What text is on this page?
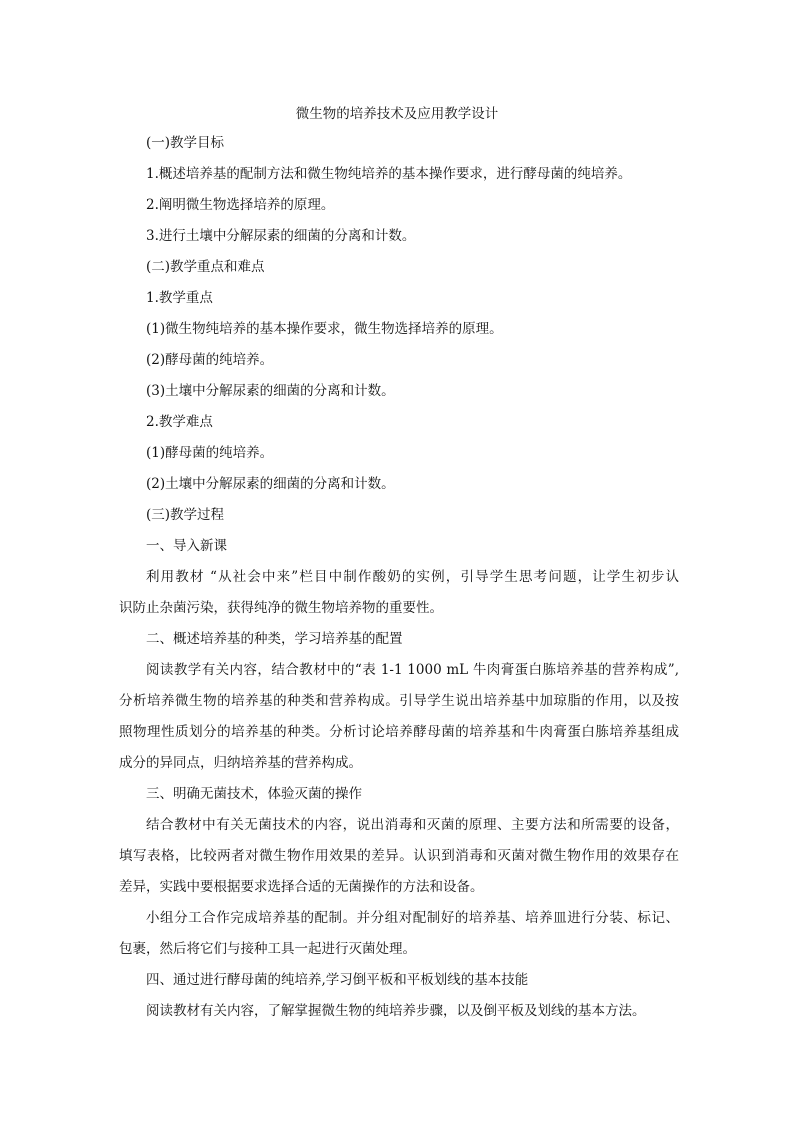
微生物的培养技术及应用教学设计
(一)教学目标
1.概述培养基的配制方法和微生物纯培养的基本操作要求，进行酵母菌的纯培养。
2.阐明微生物选择培养的原理。
3.进行土壤中分解尿素的细菌的分离和计数。
(二)教学重点和难点
1.教学重点
(1)微生物纯培养的基本操作要求，微生物选择培养的原理。
(2)酵母菌的纯培养。
(3)土壤中分解尿素的细菌的分离和计数。
2.教学难点
(1)酵母菌的纯培养。
(2)土壤中分解尿素的细菌的分离和计数。
(三)教学过程
一、导入新课
利用教材 “从社会中来”栏目中制作酸奶的实例，引导学生思考问题，让学生初步认
识防止杂菌污染，获得纯净的微生物培养物的重要性。
二、概述培养基的种类，学习培养基的配置
阅读教学有关内容，结合教材中的“表 1-1 1000 mL 牛肉膏蛋白胨培养基的营养构成”,
分析培养微生物的培养基的种类和营养构成。引导学生说出培养基中加琼脂的作用，以及按
照物理性质划分的培养基的种类。分析讨论培养酵母菌的培养基和牛肉膏蛋白胨培养基组成
成分的异同点，归纳培养基的营养构成。
三、明确无菌技术，体验灭菌的操作
结合教材中有关无菌技术的内容，说出消毒和灭菌的原理、主要方法和所需要的设备，
填写表格，比较两者对微生物作用效果的差异。认识到消毒和灭菌对微生物作用的效果存在
差异，实践中要根据要求选择合适的无菌操作的方法和设备。
小组分工合作完成培养基的配制。并分组对配制好的培养基、培养皿进行分装、标记、
包裹，然后将它们与接种工具一起进行灭菌处理。
四、通过进行酵母菌的纯培养,学习倒平板和平板划线的基本技能
阅读教材有关内容，了解掌握微生物的纯培养步骤，以及倒平板及划线的基本方法。
